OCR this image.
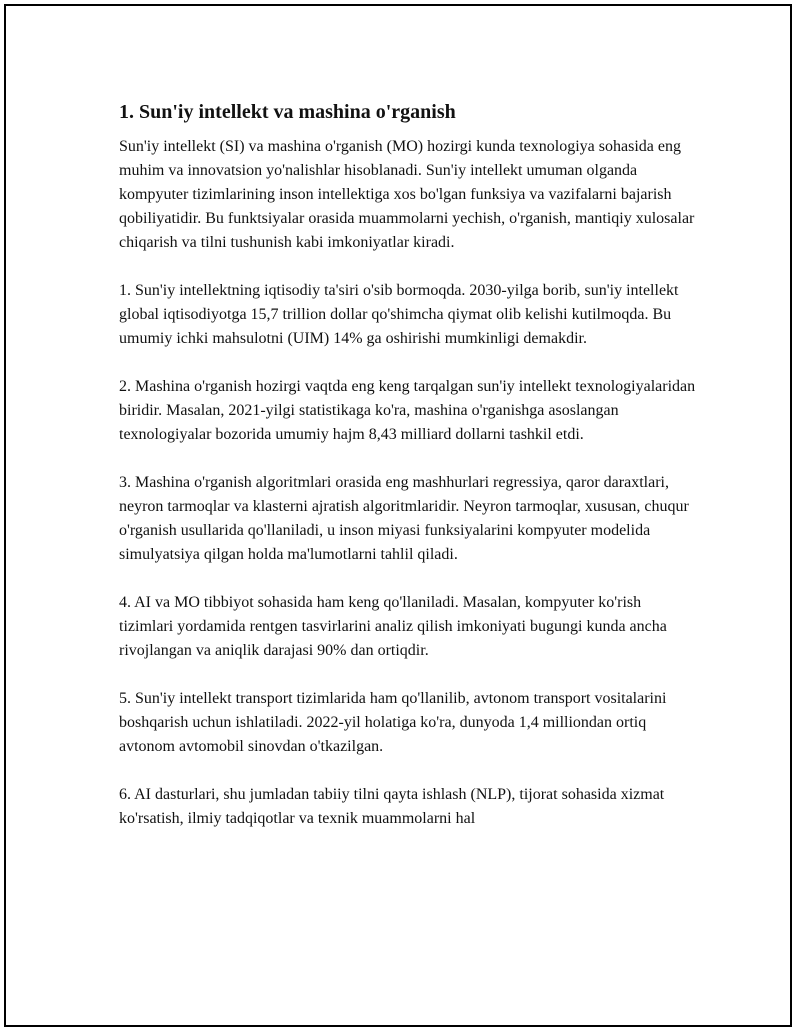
1. Sun'iy intellekt va mashina o'rganish

Sun'iy intellekt (SI) va mashina o'rganish (MO) hozirgi kunda texnologiya sohasida eng muhim va innovatsion yo'nalishlar hisoblanadi. Sun'iy intellekt umuman olganda kompyuter tizimlarining inson intellektiga xos bo'lgan funksiya va vazifalarni bajarish qobiliyatidir. Bu funktsiyalar orasida muammolarni yechish, o'rganish, mantiqiy xulosalar chiqarish va tilni tushunish kabi imkoniyatlar kiradi.

1. Sun'iy intellektning iqtisodiy ta'siri o'sib bormoqda. 2030-yilga borib, sun'iy intellekt global iqtisodiyotga 15,7 trillion dollar qo'shimcha qiymat olib kelishi kutilmoqda. Bu umumiy ichki mahsulotni (UIM) 14% ga oshirishi mumkinligi demakdir.

2. Mashina o'rganish hozirgi vaqtda eng keng tarqalgan sun'iy intellekt texnologiyalaridan biridir. Masalan, 2021-yilgi statistikaga ko'ra, mashina o'rganishga asoslangan texnologiyalar bozorida umumiy hajm 8,43 milliard dollarni tashkil etdi.

3. Mashina o'rganish algoritmlari orasida eng mashhurlari regressiya, qaror daraxtlari, neyron tarmoqlar va klasterni ajratish algoritmlaridir. Neyron tarmoqlar, xususan, chuqur o'rganish usullarida qo'llaniladi, u inson miyasi funksiyalarini kompyuter modelida simulyatsiya qilgan holda ma'lumotlarni tahlil qiladi.

4. AI va MO tibbiyot sohasida ham keng qo'llaniladi. Masalan, kompyuter ko'rish tizimlari yordamida rentgen tasvirlarini analiz qilish imkoniyati bugungi kunda ancha rivojlangan va aniqlik darajasi 90% dan ortiqdir.

5. Sun'iy intellekt transport tizimlarida ham qo'llanilib, avtonom transport vositalarini boshqarish uchun ishlatiladi. 2022-yil holatiga ko'ra, dunyoda 1,4 milliondan ortiq avtonom avtomobil sinovdan o'tkazilgan.

6. AI dasturlari, shu jumladan tabiiy tilni qayta ishlash (NLP), tijorat sohasida xizmat ko'rsatish, ilmiy tadqiqotlar va texnik muammolarni hal
